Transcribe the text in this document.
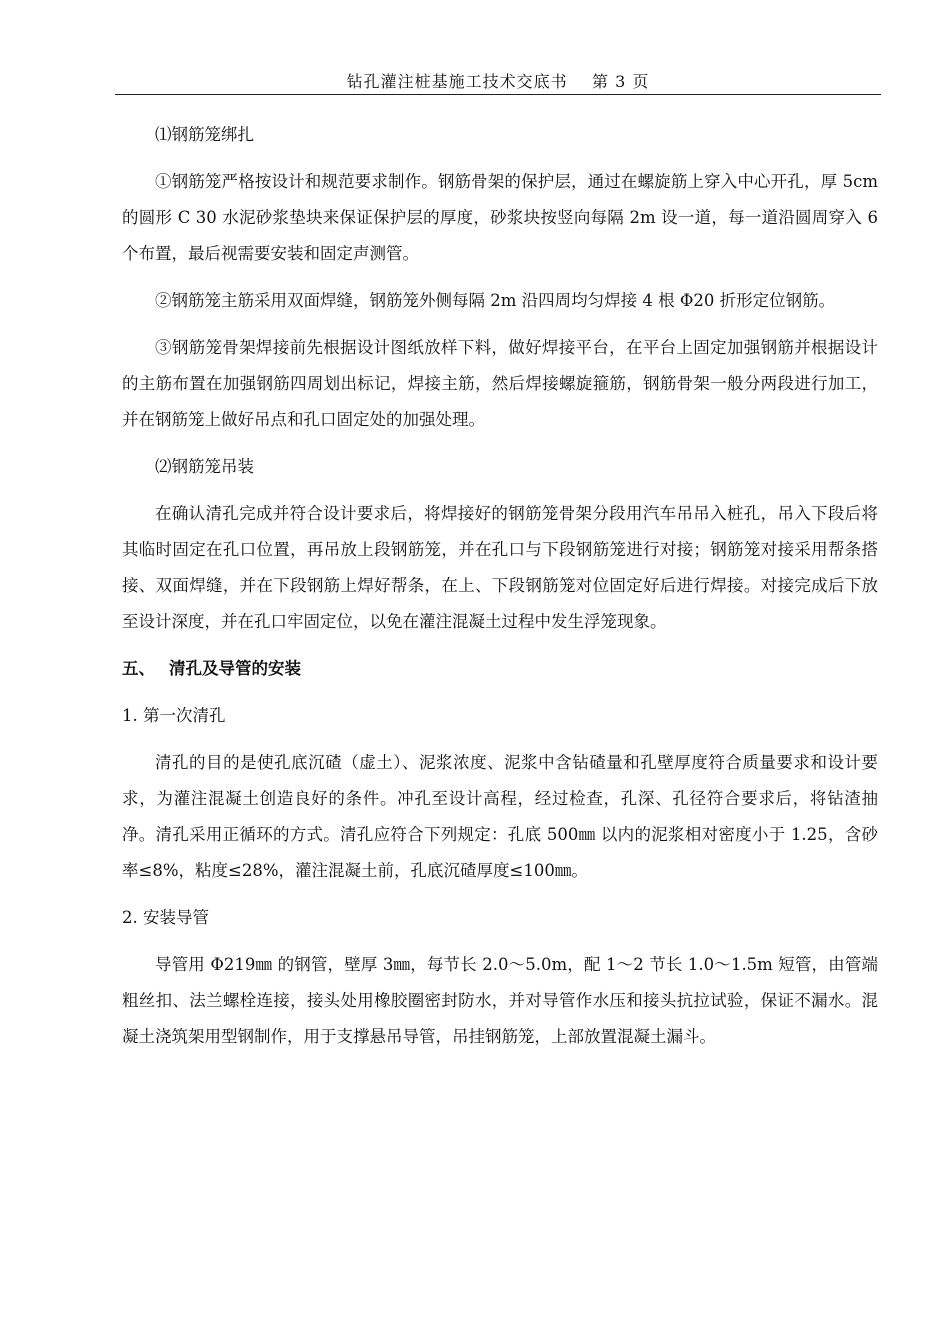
钻孔灌注桩基施工技术交底书 第 3 页

⑴钢筋笼绑扎

①钢筋笼严格按设计和规范要求制作。钢筋骨架的保护层，通过在螺旋筋上穿入中心开孔，厚 5cm 的圆形 C 30 水泥砂浆垫块来保证保护层的厚度，砂浆块按竖向每隔 2m 设一道，每一道沿圆周穿入 6 个布置，最后视需要安装和固定声测管。

②钢筋笼主筋采用双面焊缝，钢筋笼外侧每隔 2m 沿四周均匀焊接 4 根 Φ20 折形定位钢筋。

③钢筋笼骨架焊接前先根据设计图纸放样下料，做好焊接平台，在平台上固定加强钢筋并根据设计的主筋布置在加强钢筋四周划出标记，焊接主筋，然后焊接螺旋箍筋，钢筋骨架一般分两段进行加工，并在钢筋笼上做好吊点和孔口固定处的加强处理。

⑵钢筋笼吊装

在确认清孔完成并符合设计要求后，将焊接好的钢筋笼骨架分段用汽车吊吊入桩孔，吊入下段后将其临时固定在孔口位置，再吊放上段钢筋笼，并在孔口与下段钢筋笼进行对接；钢筋笼对接采用帮条搭接、双面焊缝，并在下段钢筋上焊好帮条，在上、下段钢筋笼对位固定好后进行焊接。对接完成后下放至设计深度，并在孔口牢固定位，以免在灌注混凝土过程中发生浮笼现象。

五、 清孔及导管的安装

1. 第一次清孔

清孔的目的是使孔底沉碴（虚土）、泥浆浓度、泥浆中含钻碴量和孔壁厚度符合质量要求和设计要求，为灌注混凝土创造良好的条件。冲孔至设计高程，经过检查，孔深、孔径符合要求后，将钻渣抽净。清孔采用正循环的方式。清孔应符合下列规定：孔底 500㎜ 以内的泥浆相对密度小于 1.25，含砂率≤8%，粘度≤28%，灌注混凝土前，孔底沉碴厚度≤100㎜。

2. 安装导管

导管用 Φ219㎜ 的钢管，壁厚 3㎜，每节长 2.0～5.0m，配 1～2 节长 1.0～1.5m 短管，由管端粗丝扣、法兰螺栓连接，接头处用橡胶圈密封防水，并对导管作水压和接头抗拉试验，保证不漏水。混凝土浇筑架用型钢制作，用于支撑悬吊导管，吊挂钢筋笼，上部放置混凝土漏斗。
